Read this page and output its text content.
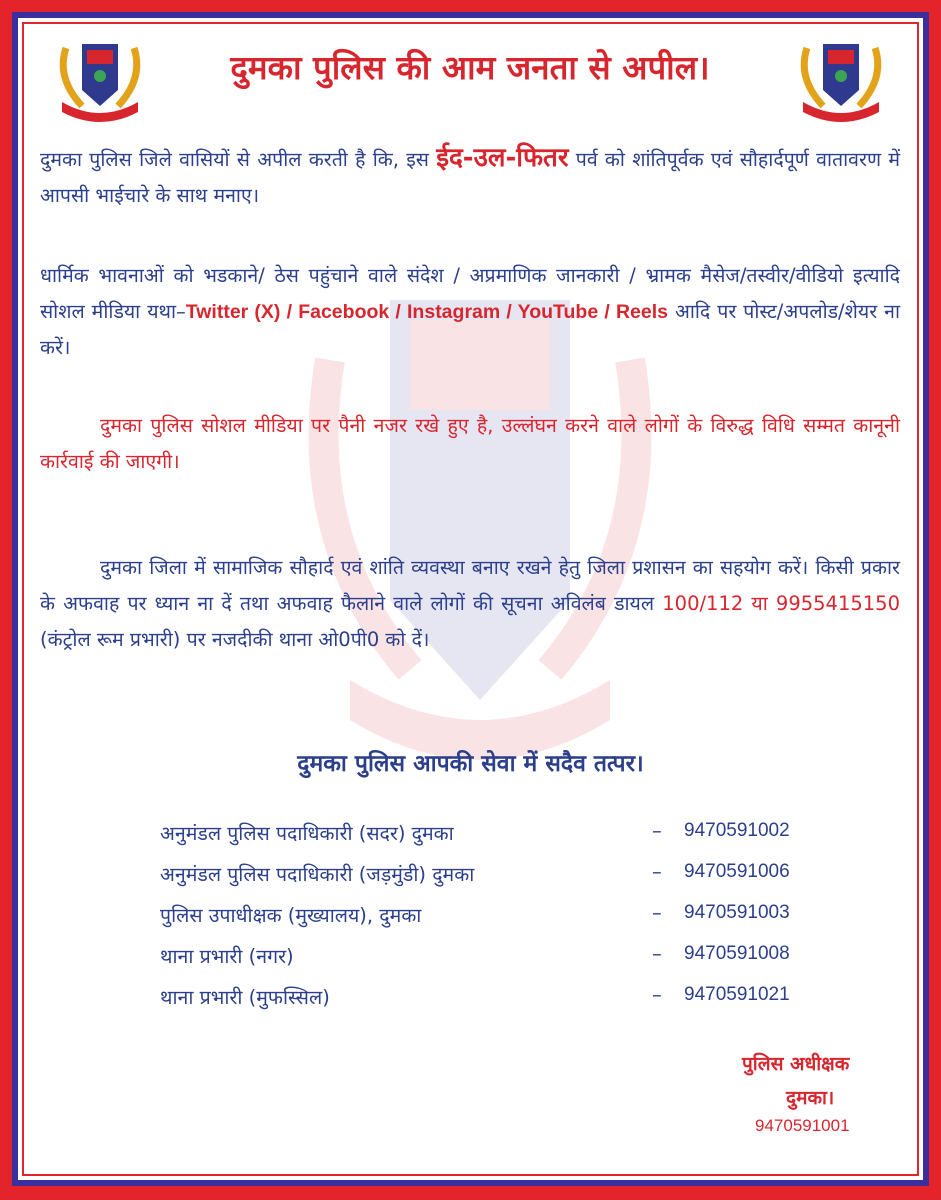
दुमका पुलिस की आम जनता से अपील।
दुमका पुलिस जिले वासियों से अपील करती है कि, इस ईद-उल-फितर पर्व को शांतिपूर्वक एवं सौहार्दपूर्ण वातावरण में आपसी भाईचारे के साथ मनाए।
धार्मिक भावनाओं को भडकाने/ ठेस पहुंचाने वाले संदेश / अप्रमाणिक जानकारी / भ्रामक मैसेज/तस्वीर/वीडियो इत्यादि सोशल मीडिया यथा–Twitter (X) / Facebook / Instagram / YouTube / Reels आदि पर पोस्ट/अपलोड/शेयर ना करें।
दुमका पुलिस सोशल मीडिया पर पैनी नजर रखे हुए है, उल्लंघन करने वाले लोगों के विरुद्ध विधि सम्मत कानूनी कार्रवाई की जाएगी।
दुमका जिला में सामाजिक सौहार्द एवं शांति व्यवस्था बनाए रखने हेतु जिला प्रशासन का सहयोग करें। किसी प्रकार के अफवाह पर ध्यान ना दें तथा अफवाह फैलाने वाले लोगों की सूचना अविलंब डायल 100/112 या 9955415150 (कंट्रोल रूम प्रभारी) पर नजदीकी थाना ओ0पी0 को दें।
दुमका पुलिस आपकी सेवा में सदैव तत्पर।
अनुमंडल पुलिस पदाधिकारी (सदर) दुमका	– 9470591002
अनुमंडल पुलिस पदाधिकारी (जड़मुंडी) दुमका	– 9470591006
पुलिस उपाधीक्षक (मुख्यालय), दुमका	– 9470591003
थाना प्रभारी (नगर)	– 9470591008
थाना प्रभारी (मुफस्सिल)	– 9470591021
पुलिस अधीक्षक
दुमका।
9470591001
